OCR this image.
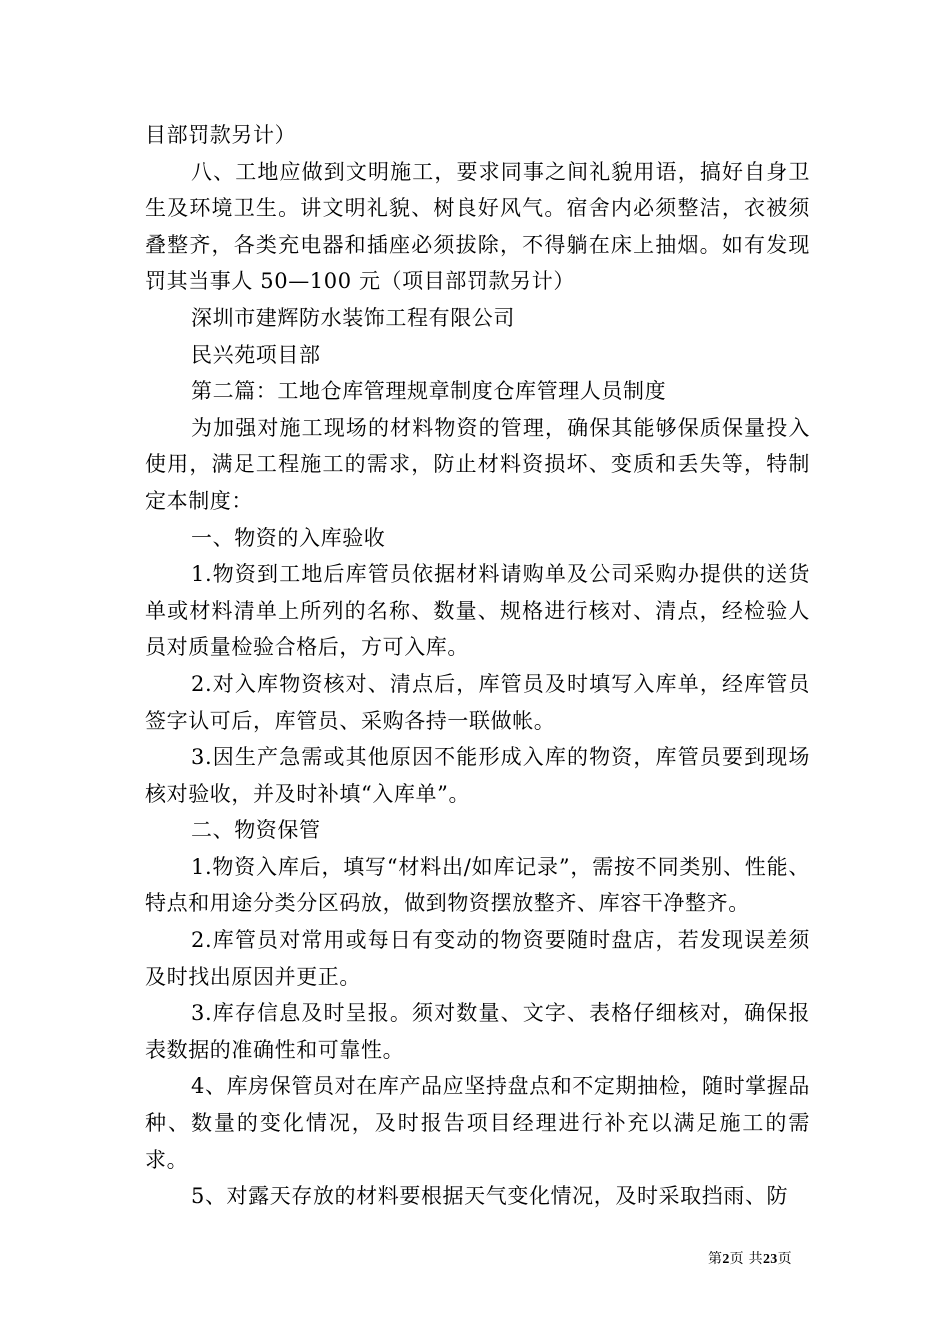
目部罚款另计）

八、工地应做到文明施工，要求同事之间礼貌用语，搞好自身卫生及环境卫生。讲文明礼貌、树良好风气。宿舍内必须整洁，衣被须叠整齐，各类充电器和插座必须拔除，不得躺在床上抽烟。如有发现罚其当事人 50—100 元（项目部罚款另计）

深圳市建辉防水装饰工程有限公司

民兴苑项目部

第二篇：工地仓库管理规章制度仓库管理人员制度

为加强对施工现场的材料物资的管理，确保其能够保质保量投入使用，满足工程施工的需求，防止材料资损坏、变质和丢失等，特制定本制度：

一、物资的入库验收

1.物资到工地后库管员依据材料请购单及公司采购办提供的送货单或材料清单上所列的名称、数量、规格进行核对、清点，经检验人员对质量检验合格后，方可入库。

2.对入库物资核对、清点后，库管员及时填写入库单，经库管员签字认可后，库管员、采购各持一联做帐。

3.因生产急需或其他原因不能形成入库的物资，库管员要到现场核对验收，并及时补填“入库单”。

二、物资保管

1.物资入库后，填写“材料出/如库记录”，需按不同类别、性能、特点和用途分类分区码放，做到物资摆放整齐、库容干净整齐。

2.库管员对常用或每日有变动的物资要随时盘店，若发现误差须及时找出原因并更正。

3.库存信息及时呈报。须对数量、文字、表格仔细核对，确保报表数据的准确性和可靠性。

4、库房保管员对在库产品应坚持盘点和不定期抽检，随时掌握品种、数量的变化情况，及时报告项目经理进行补充以满足施工的需求。

5、对露天存放的材料要根据天气变化情况，及时采取挡雨、防

第2页 共23页
